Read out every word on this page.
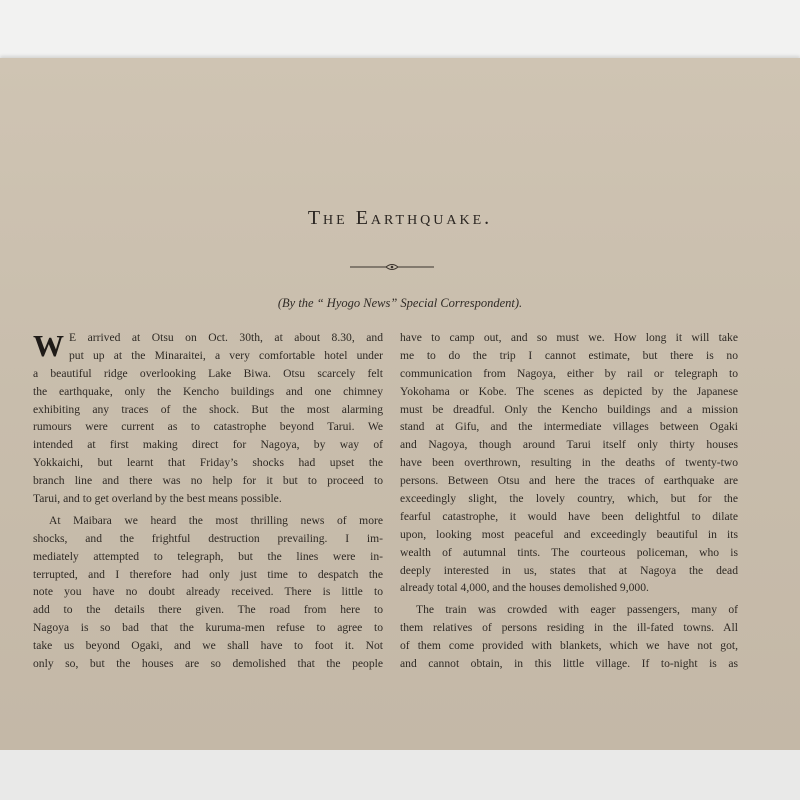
The Earthquake.
(By the “ Hyogo News” Special Correspondent).
W E arrived at Otsu on Oct. 30th, at about 8.30, and
put up at the Minaraitei, a very comfortable hotel under
a beautiful ridge overlooking Lake Biwa. Otsu scarcely felt
the earthquake, only the Kencho buildings and one chimney
exhibiting any traces of the shock. But the most alarming
rumours were current as to catastrophe beyond Tarui. We
intended at first making direct for Nagoya, by way of
Yokkaichi, but learnt that Friday’s shocks had upset the
branch line and there was no help for it but to proceed to
Tarui, and to get overland by the best means possible.
At Maibara we heard the most thrilling news of more
shocks, and the frightful destruction prevailing. I im-
mediately attempted to telegraph, but the lines were in-
terrupted, and I therefore had only just time to despatch the
note you have no doubt already received. There is little to
add to the details there given. The road from here to
Nagoya is so bad that the kuruma-men refuse to agree to
take us beyond Ogaki, and we shall have to foot it. Not
only so, but the houses are so demolished that the people
have to camp out, and so must we. How long it will take
me to do the trip I cannot estimate, but there is no
communication from Nagoya, either by rail or telegraph to
Yokohama or Kobe. The scenes as depicted by the Japanese
must be dreadful. Only the Kencho buildings and a mission
stand at Gifu, and the intermediate villages between Ogaki
and Nagoya, though around Tarui itself only thirty houses
have been overthrown, resulting in the deaths of twenty-two
persons. Between Otsu and here the traces of earthquake are
exceedingly slight, the lovely country, which, but for the
fearful catastrophe, it would have been delightful to dilate
upon, looking most peaceful and exceedingly beautiful in its
wealth of autumnal tints. The courteous policeman, who is
deeply interested in us, states that at Nagoya the dead
already total 4,000, and the houses demolished 9,000.
The train was crowded with eager passengers, many of
them relatives of persons residing in the ill-fated towns. All
of them come provided with blankets, which we have not got,
and cannot obtain, in this little village. If to-night is as
